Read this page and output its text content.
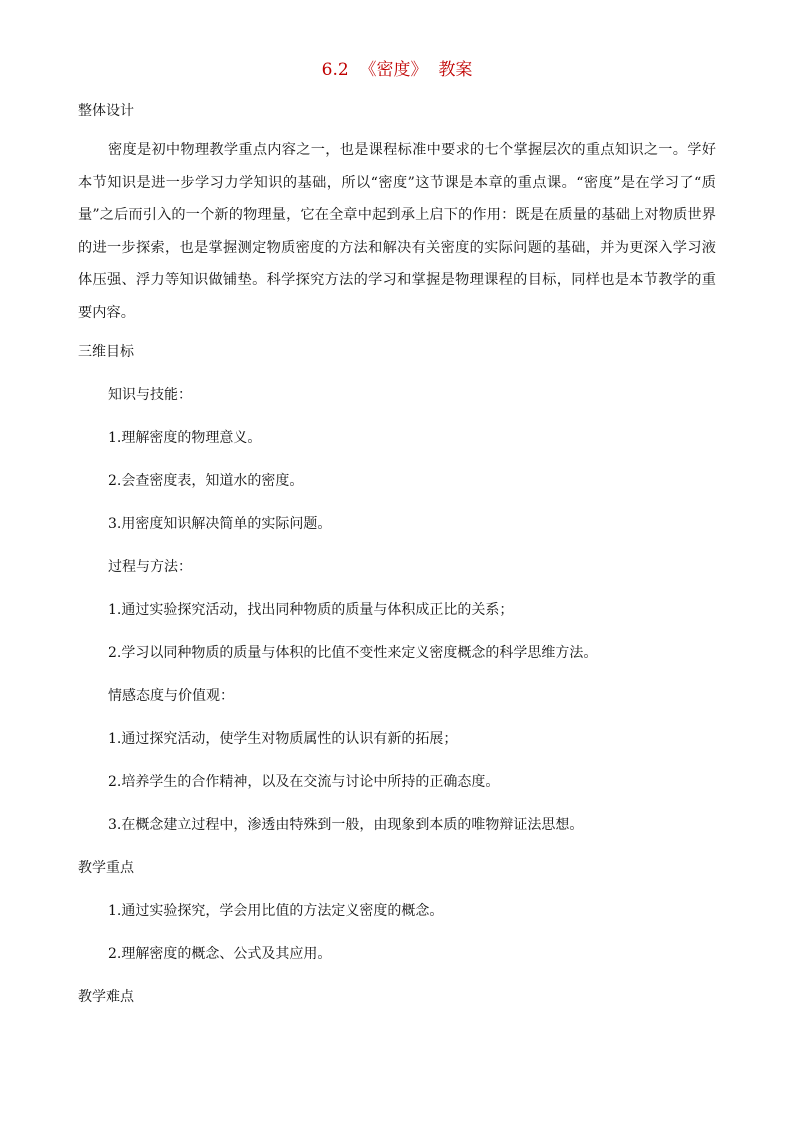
6.2  《密度》  教案
整体设计

密度是初中物理教学重点内容之一，也是课程标准中要求的七个掌握层次的重点知识之一。学好本节知识是进一步学习力学知识的基础，所以“密度”这节课是本章的重点课。“密度”是在学习了“质量”之后而引入的一个新的物理量，它在全章中起到承上启下的作用：既是在质量的基础上对物质世界的进一步探索，也是掌握测定物质密度的方法和解决有关密度的实际问题的基础，并为更深入学习液体压强、浮力等知识做铺垫。科学探究方法的学习和掌握是物理课程的目标，同样也是本节教学的重要内容。

三维目标
知识与技能：
1.理解密度的物理意义。
2.会查密度表，知道水的密度。
3.用密度知识解决简单的实际问题。
过程与方法：
1.通过实验探究活动，找出同种物质的质量与体积成正比的关系；
2.学习以同种物质的质量与体积的比值不变性来定义密度概念的科学思维方法。
情感态度与价值观：
1.通过探究活动，使学生对物质属性的认识有新的拓展；
2.培养学生的合作精神，以及在交流与讨论中所持的正确态度。
3.在概念建立过程中，渗透由特殊到一般，由现象到本质的唯物辩证法思想。
教学重点
1.通过实验探究，学会用比值的方法定义密度的概念。
2.理解密度的概念、公式及其应用。
教学难点
